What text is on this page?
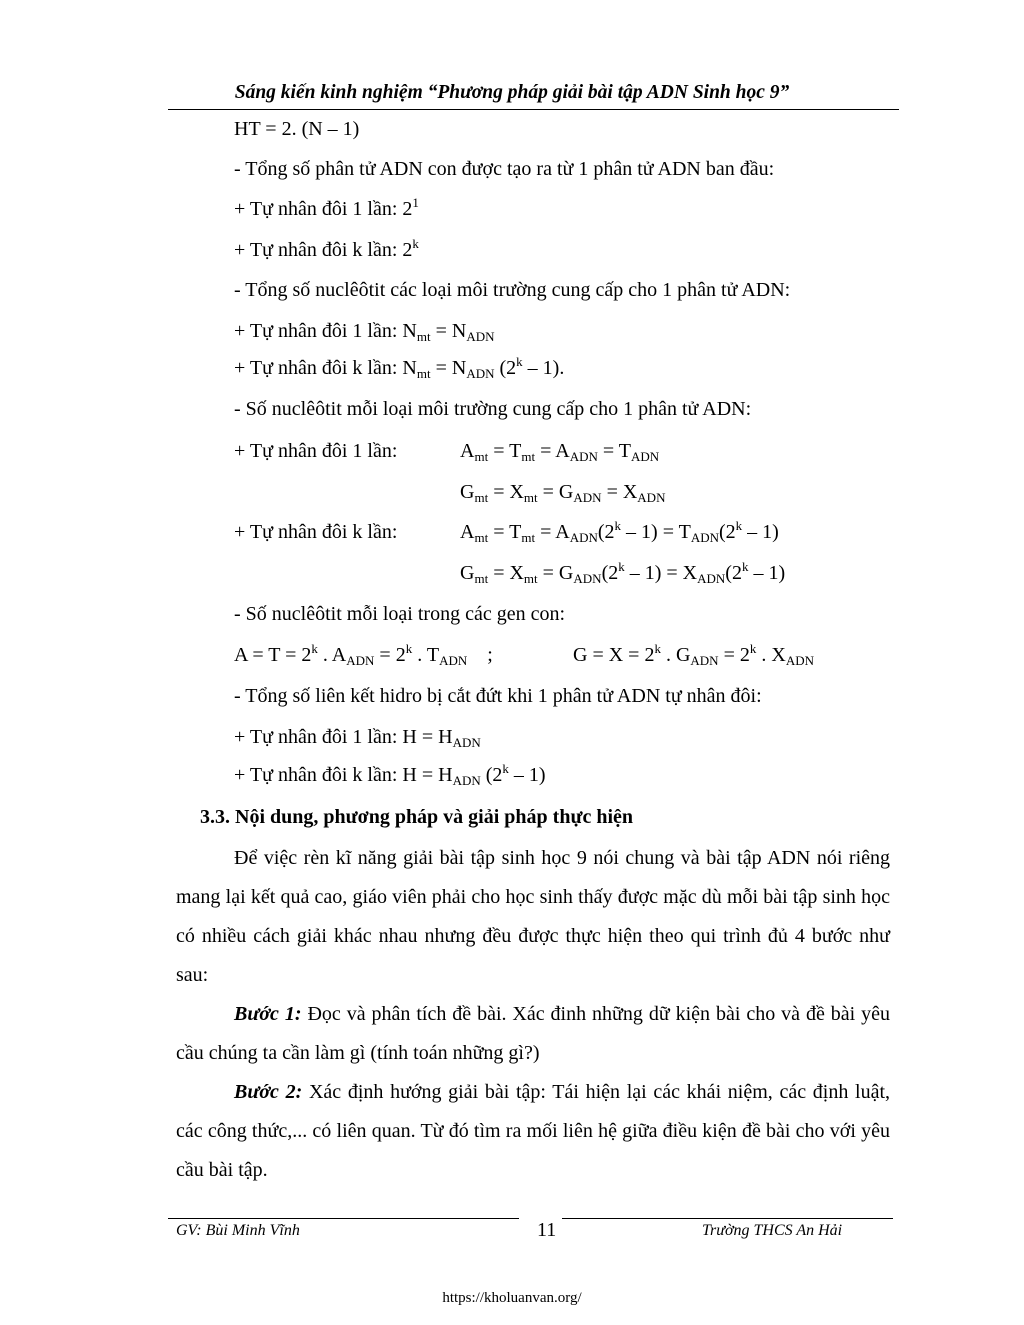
Sáng kiến kinh nghiệm “Phương pháp giải bài tập ADN Sinh học 9”
HT = 2. (N – 1)
- Tổng số phân tử ADN con được tạo ra từ 1 phân tử ADN ban đầu:
+ Tự nhân đôi 1 lần: $2^1$
+ Tự nhân đôi k lần: 2$^k$
- Tổng số nuclêôtit các loại môi trường cung cấp cho 1 phân tử ADN:
+ Tự nhân đôi 1 lần: $N_{mt} = N_{ADN}$
+ Tự nhân đôi k lần: $N_{mt} = N_{ADN}$ (2$^k$ – 1).
- Số nuclêôtit mỗi loại môi trường cung cấp cho 1 phân tử ADN:
+ Tự nhân đôi 1 lần:	$A_{mt} = T_{mt} = A_{ADN} = T_{ADN}$
$G_{mt} = X_{mt} = G_{ADN} = X_{ADN}$
+ Tự nhân đôi k lần:	$A_{mt} = T_{mt} = A_{ADN}(2^k - 1) = T_{ADN}(2^k - 1)$
$G_{mt} = X_{mt} = G_{ADN}(2^k - 1) = X_{ADN}(2^k - 1)$
- Số nuclêôtit mỗi loại trong các gen con:
$A = T = 2^k$ . $A_{ADN} = 2^k$ . $T_{ADN}$    ;	$G = X = 2^k$ . $G_{ADN} = 2^k$ . $X_{ADN}$
- Tổng số liên kết hidro bị cắt đứt khi 1 phân tử ADN tự nhân đôi:
+ Tự nhân đôi 1 lần: $H = H_{ADN}$
+ Tự nhân đôi k lần: $H = H_{ADN}$ (2$^k$ – 1)
3.3. Nội dung, phương pháp và giải pháp thực hiện

Để việc rèn kĩ năng giải bài tập sinh học 9 nói chung và bài tập ADN nói riêng mang lại kết quả cao, giáo viên phải cho học sinh thấy được mặc dù mỗi bài tập sinh học có nhiều cách giải khác nhau nhưng đều được thực hiện theo qui trình đủ 4 bước như sau:

Bước 1: Đọc và phân tích đề bài. Xác đinh những dữ kiện bài cho và đề bài yêu cầu chúng ta cần làm gì (tính toán những gì?)

Bước 2: Xác định hướng giải bài tập: Tái hiện lại các khái niệm, các định luật, các công thức,... có liên quan. Từ đó tìm ra mối liên hệ giữa điều kiện đề bài cho với yêu cầu bài tập.

GV: Bùi Minh Vĩnh	11	Trường THCS An Hải
https://kholuanvan.org/
